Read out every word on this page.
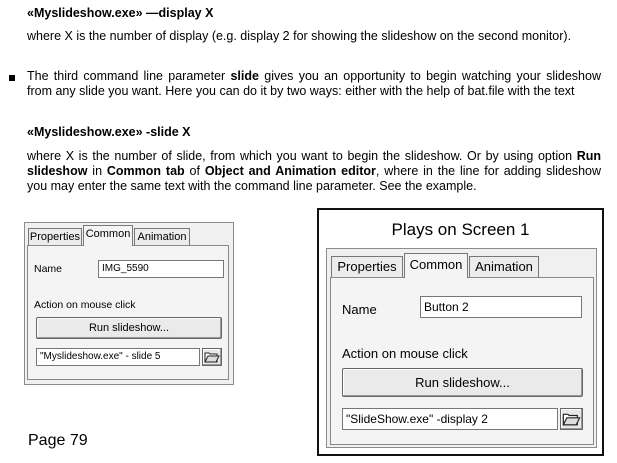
«Myslideshow.exe» —display X
where X is the number of display (e.g. display 2 for showing the slideshow on the second monitor).
The third command line parameter slide gives you an opportunity to begin watching your slideshow from any slide you want. Here you can do it by two ways: either with the help of bat.file with the text
«Myslideshow.exe» -slide X
where X is the number of slide, from which you want to begin the slideshow. Or by using option Run slideshow in Common tab of Object and Animation editor, where in the line for adding slideshow you may enter the same text with the command line parameter. See the example.
Page 79
Properties Common Animation
Name	IMG_5590
Action on mouse click
Run slideshow...
"Myslideshow.exe" - slide 5
Plays on Screen 1
Properties	Common Animation
Name	Button 2
Action on mouse click
Run slideshow...
"SlideShow.exe" -display 2
